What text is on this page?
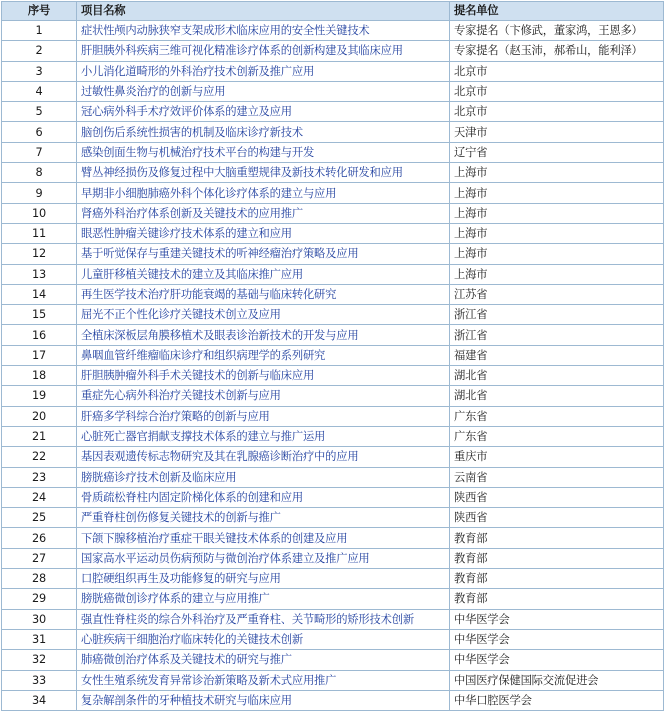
序号	项目名称	提名单位
1	症状性颅内动脉狭窄支架成形术临床应用的安全性关键技术	专家提名（卞修武，董家鸿，王恩多）
2	肝胆胰外科疾病三维可视化精准诊疗体系的创新构建及其临床应用	专家提名（赵玉沛，郝希山，能利泽）
3	小儿消化道畸形的外科治疗技术创新及推广应用	北京市
4	过敏性鼻炎治疗的创新与应用	北京市
5	冠心病外科手术疗效评价体系的建立及应用	北京市
6	脑创伤后系统性损害的机制及临床诊疗新技术	天津市
7	感染创面生物与机械治疗技术平台的构建与开发	辽宁省
8	臂丛神经损伤及修复过程中大脑重塑规律及新技术转化研发和应用	上海市
9	早期非小细胞肺癌外科个体化诊疗体系的建立与应用	上海市
10	肾癌外科治疗体系创新及关键技术的应用推广	上海市
11	眼恶性肿瘤关键诊疗技术体系的建立和应用	上海市
12	基于听觉保存与重建关键技术的听神经瘤治疗策略及应用	上海市
13	儿童肝移植关键技术的建立及其临床推广应用	上海市
14	再生医学技术治疗肝功能衰竭的基础与临床转化研究	江苏省
15	屈光不正个性化诊疗关键技术创立及应用	浙江省
16	全植床深板层角膜移植术及眼表诊治新技术的开发与应用	浙江省
17	鼻咽血管纤维瘤临床诊疗和组织病理学的系列研究	福建省
18	肝胆胰肿瘤外科手术关键技术的创新与临床应用	湖北省
19	重症先心病外科治疗关键技术创新与应用	湖北省
20	肝癌多学科综合治疗策略的创新与应用	广东省
21	心脏死亡器官捐献支撑技术体系的建立与推广运用	广东省
22	基因表观遗传标志物研究及其在乳腺癌诊断治疗中的应用	重庆市
23	膀胱癌诊疗技术创新及临床应用	云南省
24	骨质疏松脊柱内固定阶梯化体系的创建和应用	陕西省
25	严重脊柱创伤修复关键技术的创新与推广	陕西省
26	下颌下腺移植治疗重症干眼关键技术体系的创建及应用	教育部
27	国家高水平运动员伤病预防与微创治疗体系建立及推广应用	教育部
28	口腔硬组织再生及功能修复的研究与应用	教育部
29	膀胱癌微创诊疗体系的建立与应用推广	教育部
30	强直性脊柱炎的综合外科治疗及严重脊柱、关节畸形的矫形技术创新	中华医学会
31	心脏疾病干细胞治疗临床转化的关键技术创新	中华医学会
32	肺癌微创治疗体系及关键技术的研究与推广	中华医学会
33	女性生殖系统发育异常诊治新策略及新术式应用推广	中国医疗保健国际交流促进会
34	复杂解剖条件的牙种植技术研究与临床应用	中华口腔医学会
